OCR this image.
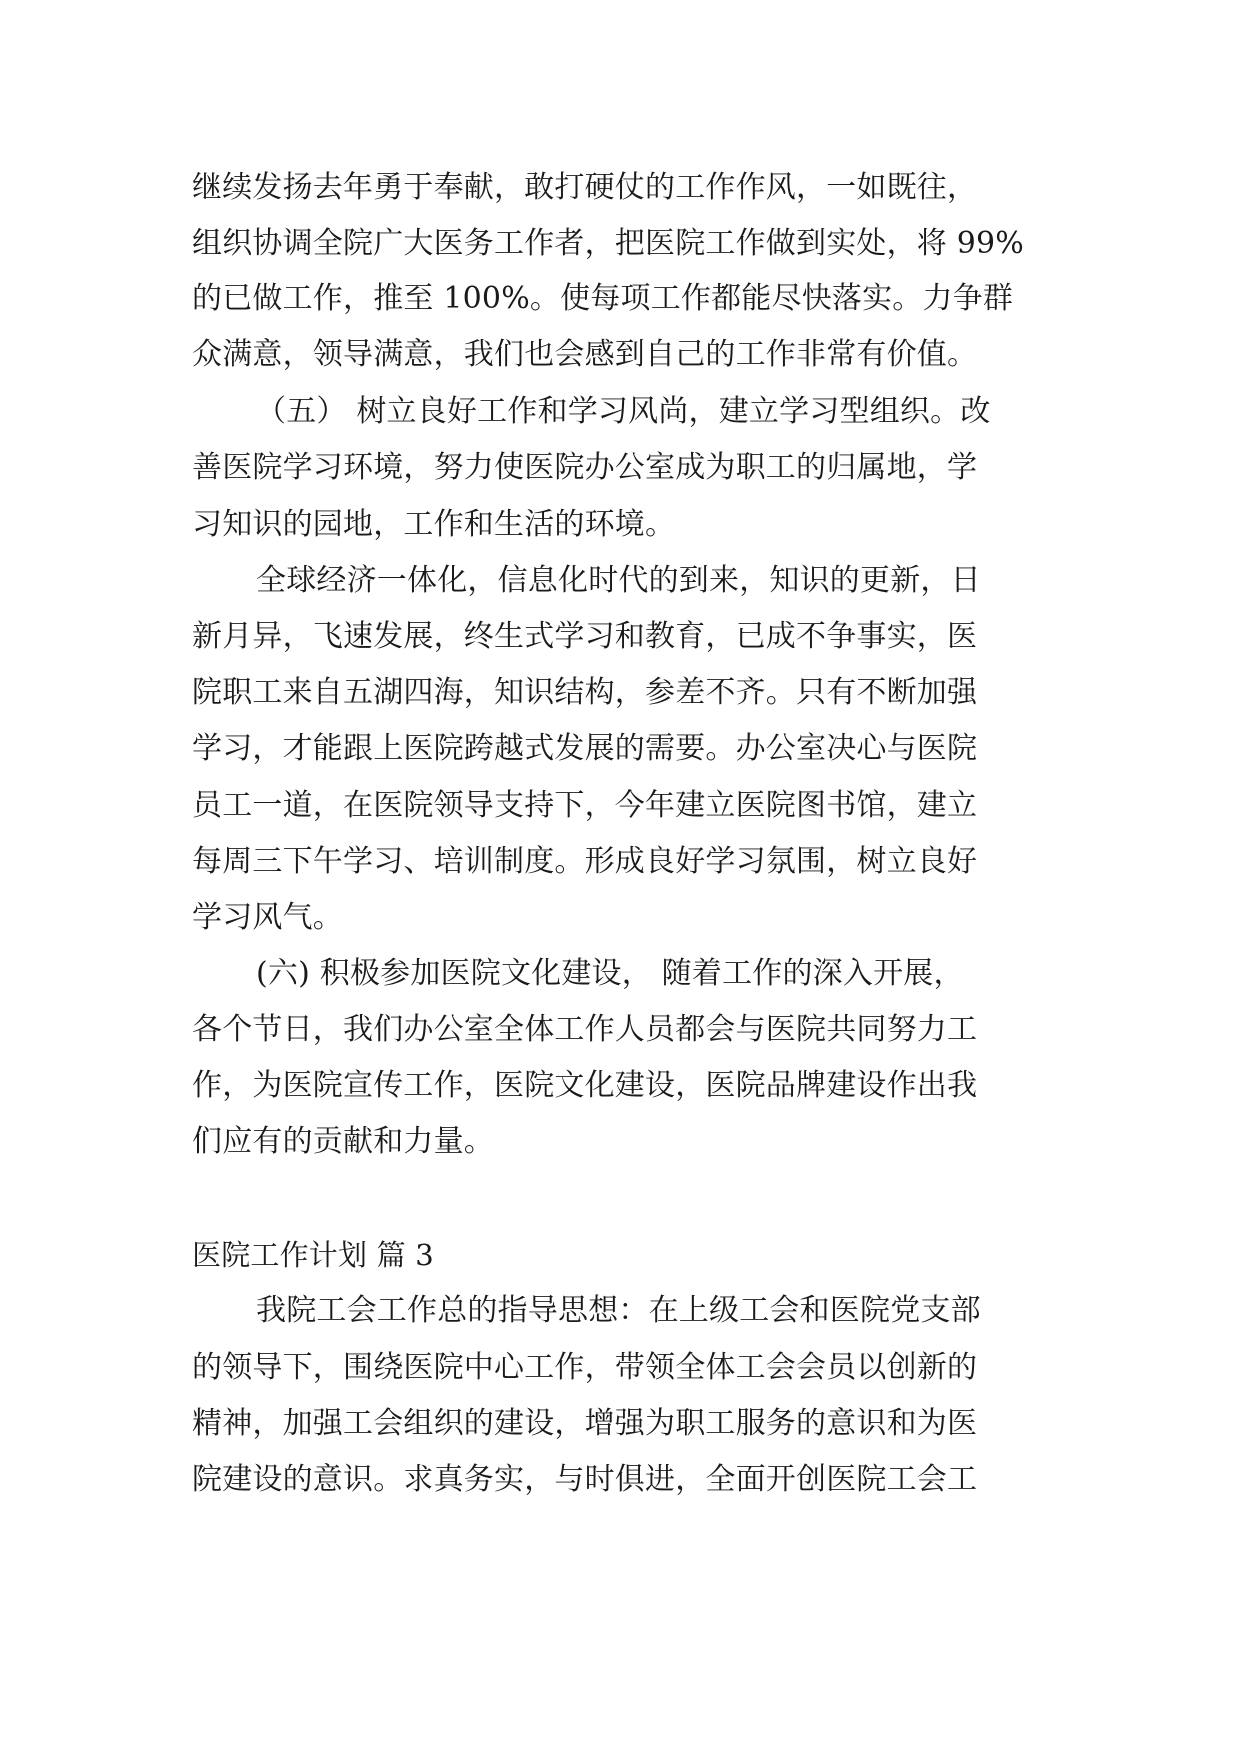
继续发扬去年勇于奉献，敢打硬仗的工作作风，一如既往，
组织协调全院广大医务工作者，把医院工作做到实处，将 99%
的已做工作，推至 100%。使每项工作都能尽快落实。力争群
众满意，领导满意，我们也会感到自己的工作非常有价值。
（五） 树立良好工作和学习风尚，建立学习型组织。改
善医院学习环境，努力使医院办公室成为职工的归属地，学
习知识的园地，工作和生活的环境。
全球经济一体化，信息化时代的到来，知识的更新，日
新月异，飞速发展，终生式学习和教育，已成不争事实，医
院职工来自五湖四海，知识结构，参差不齐。只有不断加强
学习，才能跟上医院跨越式发展的需要。办公室决心与医院
员工一道，在医院领导支持下，今年建立医院图书馆，建立
每周三下午学习、培训制度。形成良好学习氛围，树立良好
学习风气。
(六) 积极参加医院文化建设， 随着工作的深入开展，
各个节日，我们办公室全体工作人员都会与医院共同努力工
作，为医院宣传工作，医院文化建设，医院品牌建设作出我
们应有的贡献和力量。
医院工作计划 篇 3
我院工会工作总的指导思想：在上级工会和医院党支部
的领导下，围绕医院中心工作，带领全体工会会员以创新的
精神，加强工会组织的建设，增强为职工服务的意识和为医
院建设的意识。求真务实，与时俱进，全面开创医院工会工
